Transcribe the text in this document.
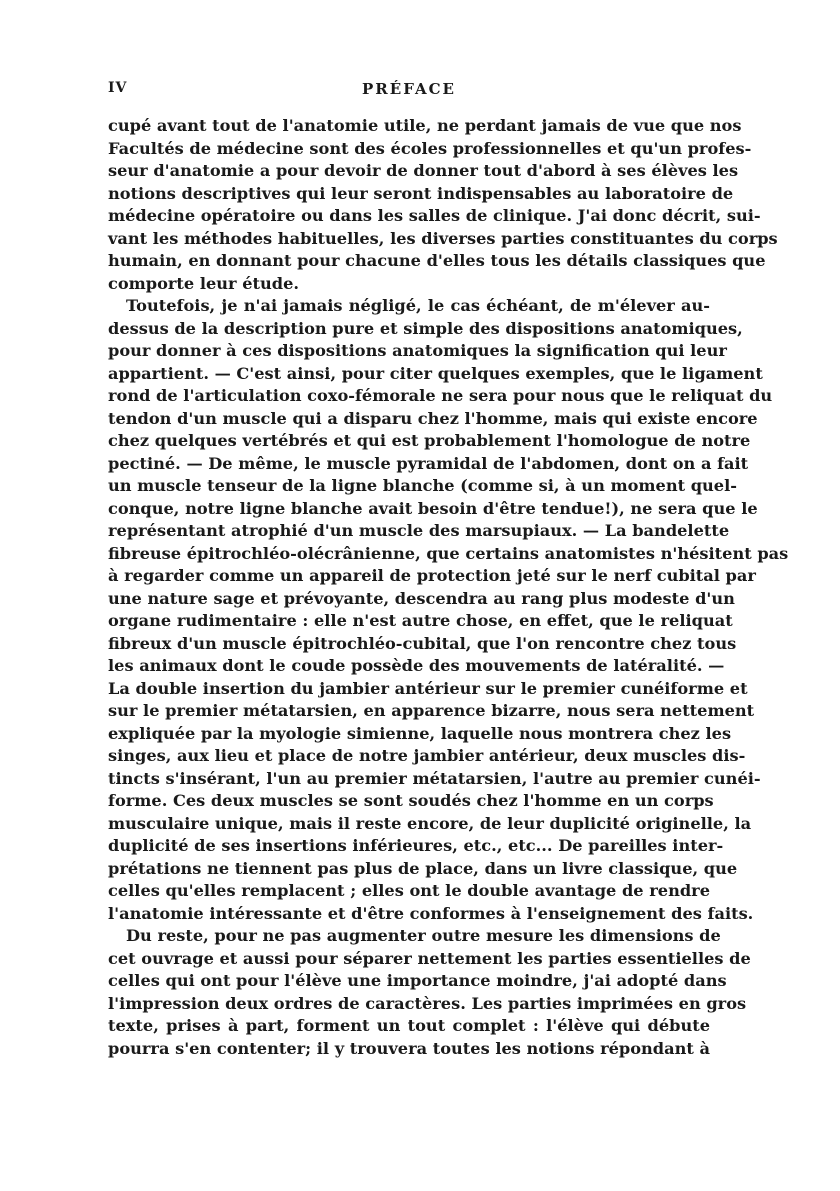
IV	PRÉFACE
cupé avant tout de l'anatomie utile, ne perdant jamais de vue que nos
Facultés de médecine sont des écoles professionnelles et qu'un profes-
seur d'anatomie a pour devoir de donner tout d'abord à ses élèves les
notions descriptives qui leur seront indispensables au laboratoire de
médecine opératoire ou dans les salles de clinique. J'ai donc décrit, sui-
vant les méthodes habituelles, les diverses parties constituantes du corps
humain, en donnant pour chacune d'elles tous les détails classiques que
comporte leur étude.
Toutefois, je n'ai jamais négligé, le cas échéant, de m'élever au-
dessus de la description pure et simple des dispositions anatomiques,
pour donner à ces dispositions anatomiques la signification qui leur
appartient. — C'est ainsi, pour citer quelques exemples, que le ligament
rond de l'articulation coxo-fémorale ne sera pour nous que le reliquat du
tendon d'un muscle qui a disparu chez l'homme, mais qui existe encore
chez quelques vertébrés et qui est probablement l'homologue de notre
pectiné. — De même, le muscle pyramidal de l'abdomen, dont on a fait
un muscle tenseur de la ligne blanche (comme si, à un moment quel-
conque, notre ligne blanche avait besoin d'être tendue!), ne sera que le
représentant atrophié d'un muscle des marsupiaux. — La bandelette
fibreuse épitrochléo-olécrânienne, que certains anatomistes n'hésitent pas
à regarder comme un appareil de protection jeté sur le nerf cubital par
une nature sage et prévoyante, descendra au rang plus modeste d'un
organe rudimentaire : elle n'est autre chose, en effet, que le reliquat
fibreux d'un muscle épitrochléo-cubital, que l'on rencontre chez tous
les animaux dont le coude possède des mouvements de latéralité. —
La double insertion du jambier antérieur sur le premier cunéiforme et
sur le premier métatarsien, en apparence bizarre, nous sera nettement
expliquée par la myologie simienne, laquelle nous montrera chez les
singes, aux lieu et place de notre jambier antérieur, deux muscles dis-
tincts s'insérant, l'un au premier métatarsien, l'autre au premier cunéi-
forme. Ces deux muscles se sont soudés chez l'homme en un corps
musculaire unique, mais il reste encore, de leur duplicité originelle, la
duplicité de ses insertions inférieures, etc., etc... De pareilles inter-
prétations ne tiennent pas plus de place, dans un livre classique, que
celles qu'elles remplacent ; elles ont le double avantage de rendre
l'anatomie intéressante et d'être conformes à l'enseignement des faits.
Du reste, pour ne pas augmenter outre mesure les dimensions de
cet ouvrage et aussi pour séparer nettement les parties essentielles de
celles qui ont pour l'élève une importance moindre, j'ai adopté dans
l'impression deux ordres de caractères. Les parties imprimées en gros
texte, prises à part, forment un tout complet : l'élève qui débute
pourra s'en contenter; il y trouvera toutes les notions répondant à
